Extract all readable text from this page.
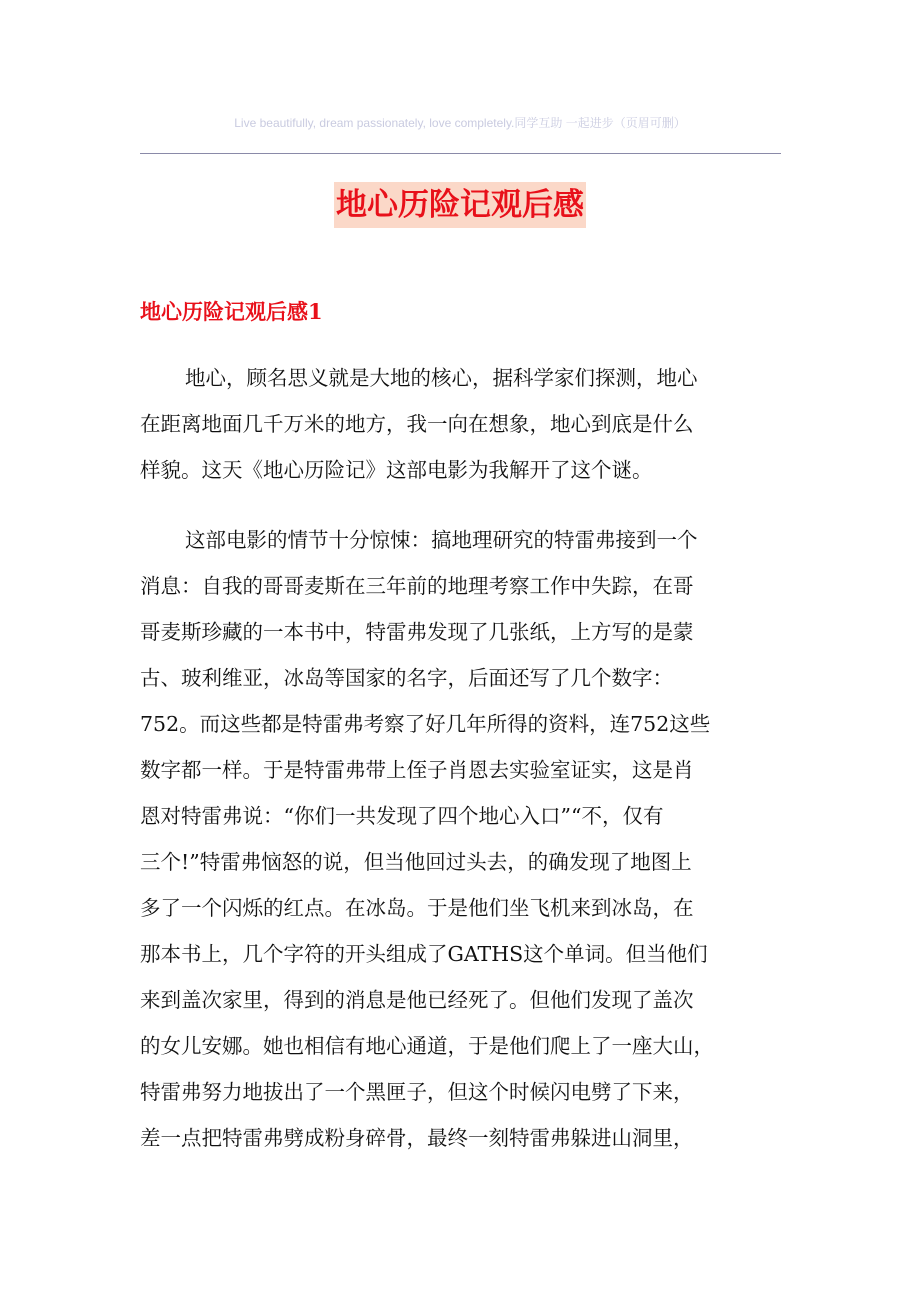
Live beautifully, dream passionately, love completely.同学互助 一起进步（页眉可删）
地心历险记观后感
地心历险记观后感1
地心，顾名思义就是大地的核心，据科学家们探测，地心
在距离地面几千万米的地方，我一向在想象，地心到底是什么
样貌。这天《地心历险记》这部电影为我解开了这个谜。
这部电影的情节十分惊悚：搞地理研究的特雷弗接到一个
消息：自我的哥哥麦斯在三年前的地理考察工作中失踪，在哥
哥麦斯珍藏的一本书中，特雷弗发现了几张纸，上方写的是蒙
古、玻利维亚，冰岛等国家的名字，后面还写了几个数字：
752。而这些都是特雷弗考察了好几年所得的资料，连752这些
数字都一样。于是特雷弗带上侄子肖恩去实验室证实，这是肖
恩对特雷弗说：“你们一共发现了四个地心入口”“不，仅有
三个!”特雷弗恼怒的说，但当他回过头去，的确发现了地图上
多了一个闪烁的红点。在冰岛。于是他们坐飞机来到冰岛，在
那本书上，几个字符的开头组成了GATHS这个单词。但当他们
来到盖次家里，得到的消息是他已经死了。但他们发现了盖次
的女儿安娜。她也相信有地心通道，于是他们爬上了一座大山，
特雷弗努力地拔出了一个黑匣子，但这个时候闪电劈了下来，
差一点把特雷弗劈成粉身碎骨，最终一刻特雷弗躲进山洞里，
